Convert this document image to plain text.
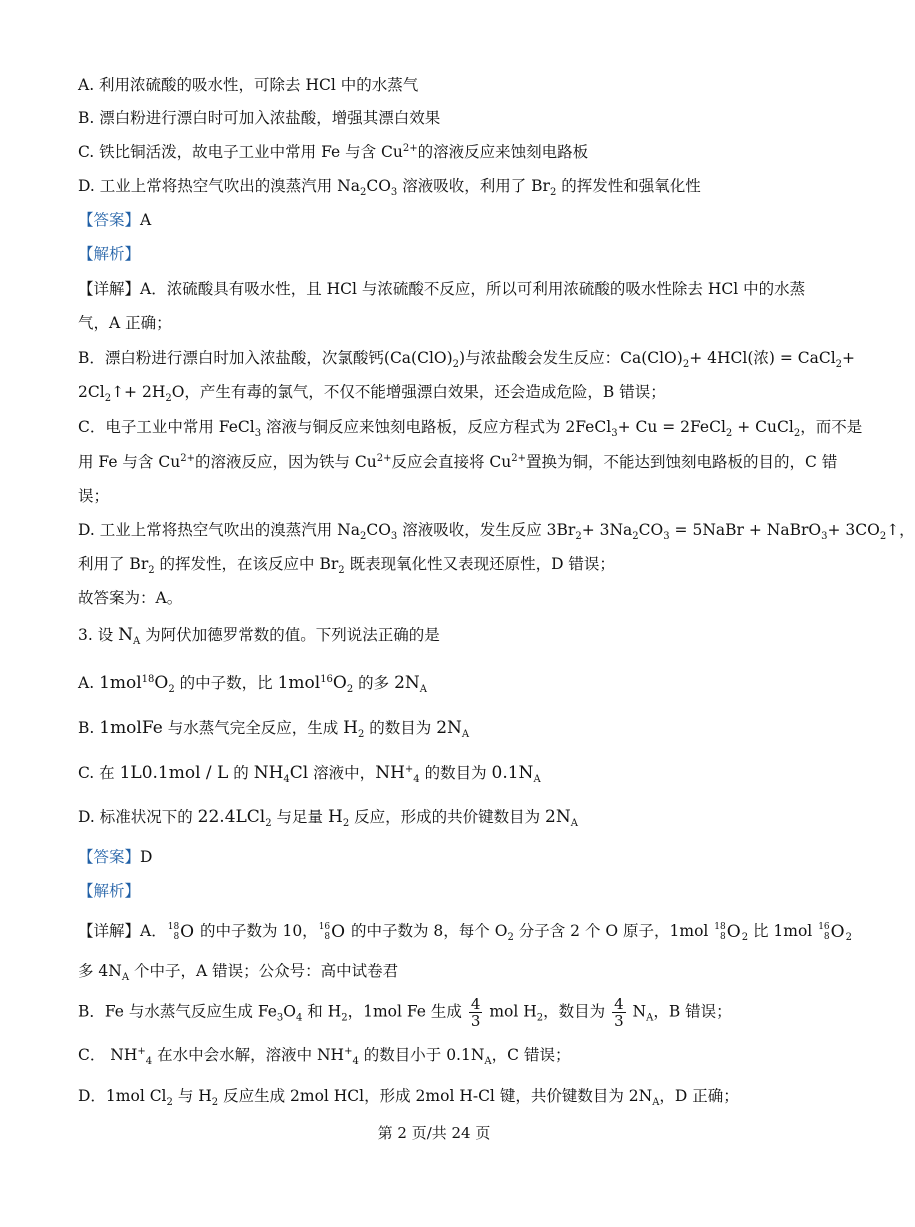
A. 利用浓硫酸的吸水性，可除去 HCl 中的水蒸气
B. 漂白粉进行漂白时可加入浓盐酸，增强其漂白效果
C. 铁比铜活泼，故电子工业中常用 Fe 与含 $Cu^{2+}$的溶液反应来蚀刻电路板
D. 工业上常将热空气吹出的溴蒸汽用 $Na_2CO_3$ 溶液吸收，利用了 $Br_2$ 的挥发性和强氧化性
【答案】A
【解析】
【详解】A．浓硫酸具有吸水性，且 HCl 与浓硫酸不反应，所以可利用浓硫酸的吸水性除去 HCl 中的水蒸
气，A 正确；
B．漂白粉进行漂白时加入浓盐酸，次氯酸钙$(Ca(ClO)_2)$与浓盐酸会发生反应：$Ca(ClO)_2+ 4HCl$(浓) = CaCl$_2$+
$2Cl_2↑+ 2H_2O$，产生有毒的氯气，不仅不能增强漂白效果，还会造成危险，B 错误；
C．电子工业中常用 FeCl$_3$ 溶液与铜反应来蚀刻电路板，反应方程式为 2FeCl$_3$+ Cu = 2FeCl$_2$ + CuCl$_2$，而不是
用 Fe 与含 $Cu^{2+}$的溶液反应，因为铁与 $Cu^{2+}$反应会直接将 $Cu^{2+}$置换为铜，不能达到蚀刻电路板的目的，C 错
误；
D. 工业上常将热空气吹出的溴蒸汽用 $Na_2CO_3$ 溶液吸收，发生反应 $3Br_2+ 3Na_2CO_3$ = 5NaBr + NaBrO$_3$+ $3CO_2↑$，
利用了 $Br_2$ 的挥发性，在该反应中 $Br_2$ 既表现氧化性又表现还原性，D 错误；
故答案为：A。
3. 设 $N_A$ 为阿伏加德罗常数的值。下列说法正确的是
A. $1mol^{18}O_2$ 的中子数，比 $1mol^{16}O_2$ 的多 $2N_A$
B. 1molFe 与水蒸气完全反应，生成 $H_2$ 的数目为 $2N_A$
C. 在 1L0.1mol / L 的 $NH_4Cl$ 溶液中，$NH^+_4$ 的数目为 $0.1N_A$
D. 标准状况下的 22.4LCl$_2$ 与足量 $H_2$ 反应，形成的共价键数目为 $2N_A$
【答案】D
【解析】
【详解】A． 18
8 O 的中子数为 10， 16
8 O 的中子数为 8，每个 $O_2$ 分子含 2 个 O 原子，1mol 18
8 O $_2$ 比 1mol 16
8 O $_2$
多 $4N_A$ 个中子，A 错误；公众号：高中试卷君
B．Fe 与水蒸气反应生成 $Fe_3O_4$ 和 $H_2$，1mol Fe 生成 $\frac{4}{3}$ mol $H_2$，数目为 $\frac{4}{3} N_A$，B 错误；
C． $NH^+_4$ 在水中会水解，溶液中 $NH^+_4$ 的数目小于 $0.1N_A$，C 错误；
D．1mol $Cl_2$ 与 $H_2$ 反应生成 2mol HCl，形成 2mol H-Cl 键，共价键数目为 $2N_A$，D 正确；
第 2 页/共 24 页
